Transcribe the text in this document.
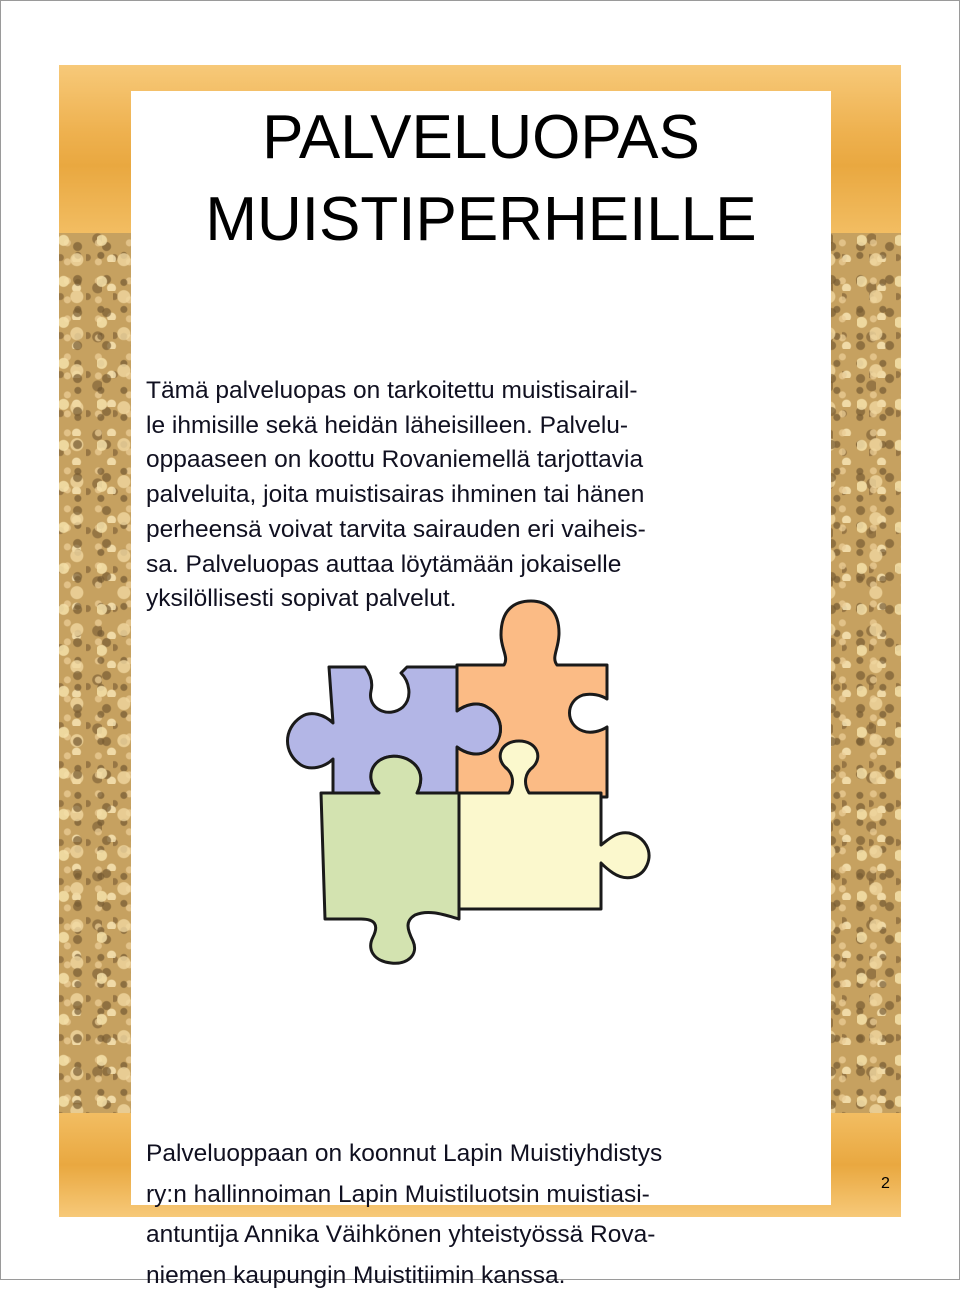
PALVELUOPAS
MUISTIPERHEILLE

Tämä palveluopas on tarkoitettu muistisairail-
le ihmisille sekä heidän läheisilleen. Palvelu-
oppaaseen on koottu Rovaniemellä tarjottavia
palveluita, joita muistisairas ihminen tai hänen
perheensä voivat tarvita sairauden eri vaiheis-
sa. Palveluopas auttaa löytämään jokaiselle
yksilöllisesti sopivat palvelut.

Palveluoppaan on koonnut Lapin Muistiyhdistys
ry:n hallinnoiman Lapin Muistiluotsin muistiasi-
antuntija Annika Väihkönen yhteistyössä Rova-
niemen kaupungin Muistitiimin kanssa.

2
